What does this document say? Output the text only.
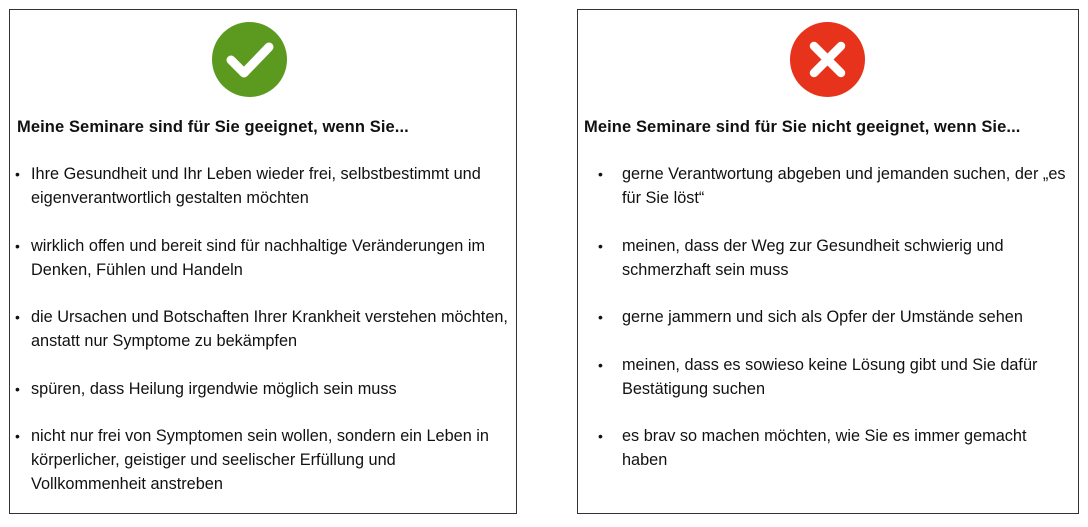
Meine Seminare sind für Sie geeignet, wenn Sie...
• Ihre Gesundheit und Ihr Leben wieder frei, selbstbestimmt und eigenverantwortlich gestalten möchten
• wirklich offen und bereit sind für nachhaltige Veränderungen im Denken, Fühlen und Handeln
• die Ursachen und Botschaften Ihrer Krankheit verstehen möchten, anstatt nur Symptome zu bekämpfen
• spüren, dass Heilung irgendwie möglich sein muss
• nicht nur frei von Symptomen sein wollen, sondern ein Leben in körperlicher, geistiger und seelischer Erfüllung und Vollkommenheit anstreben
Meine Seminare sind für Sie nicht geeignet, wenn Sie...
• gerne Verantwortung abgeben und jemanden suchen, der „es für Sie löst“
• meinen, dass der Weg zur Gesundheit schwierig und schmerzhaft sein muss
• gerne jammern und sich als Opfer der Umstände sehen
• meinen, dass es sowieso keine Lösung gibt und Sie dafür Bestätigung suchen
• es brav so machen möchten, wie Sie es immer gemacht haben
